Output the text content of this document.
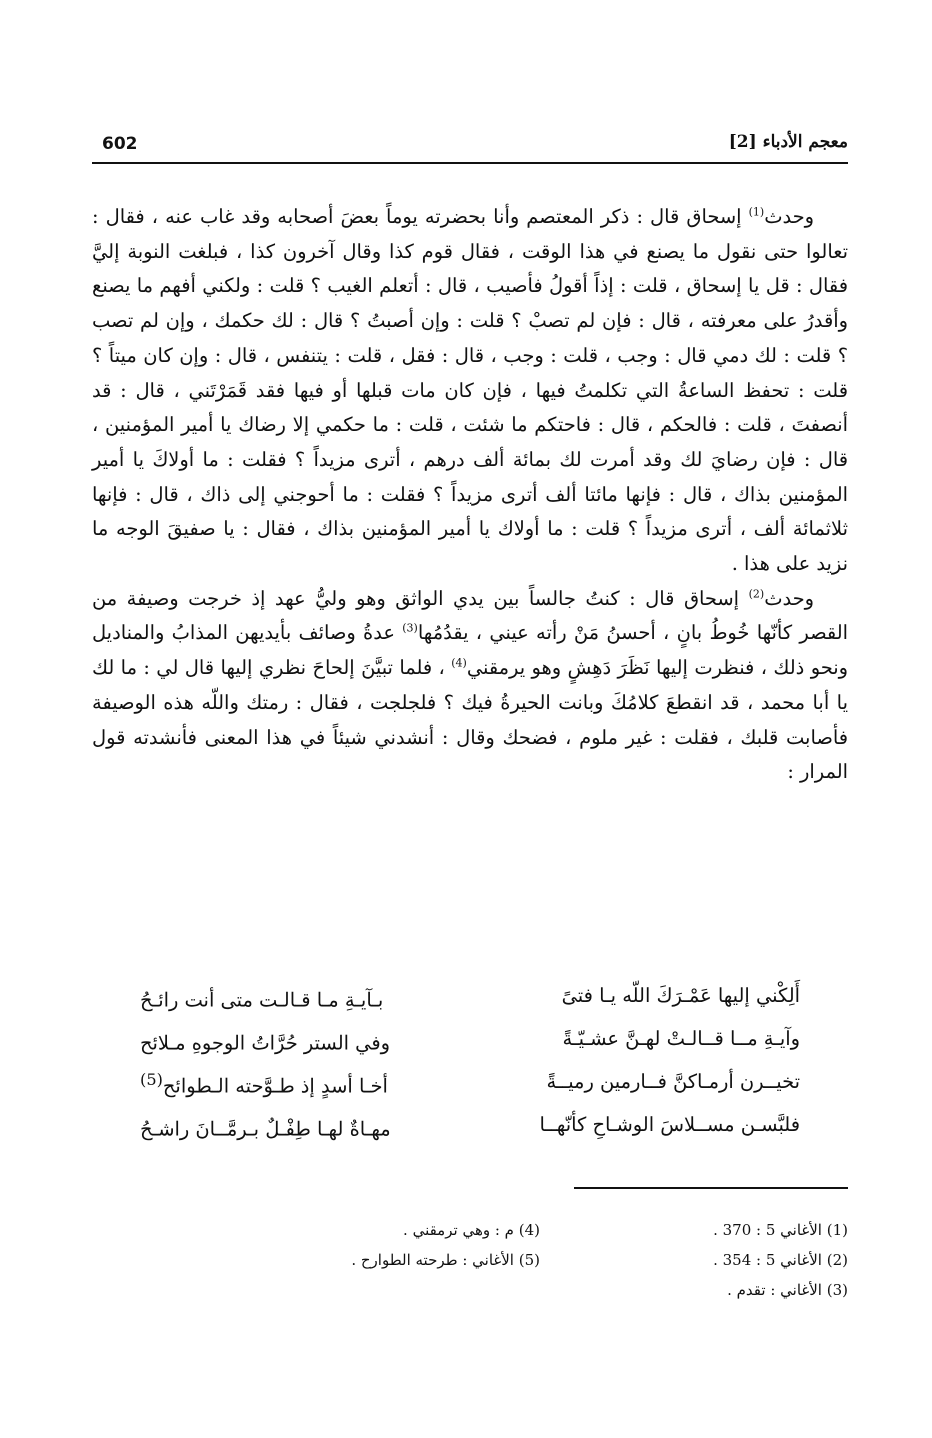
602	معجم الأدباء [2]

وحدث$^{(1)}$ إسحاق قال : ذكر المعتصم وأنا بحضرته يوماً بعضَ أصحابه وقد غاب عنه ، فقال : تعالوا حتى نقول ما يصنع في هذا الوقت ، فقال قوم كذا وقال آخرون كذا ، فبلغت النوبة إليَّ فقال : قل يا إسحاق ، قلت : إذاً أقولُ فأصيب ، قال : أتعلم الغيب ؟ قلت : ولكني أفهم ما يصنع وأقدرُ على معرفته ، قال : فإن لم تصبْ ؟ قلت : وإن أصبتُ ؟ قال : لك حكمك ، وإن لم تصب ؟ قلت : لك دمي قال : وجب ، قلت : وجب ، قال : فقل ، قلت : يتنفس ، قال : وإن كان ميتاً ؟ قلت : تحفظ الساعةُ التي تكلمتُ فيها ، فإن كان مات قبلها أو فيها فقد قَمَرْتَني ، قال : قد أنصفتَ ، قلت : فالحكم ، قال : فاحتكم ما شئت ، قلت : ما حكمي إلا رضاك يا أمير المؤمنين ، قال : فإن رضايَ لك وقد أمرت لك بمائة ألف درهم ، أترى مزيداً ؟ فقلت : ما أولاكَ يا أمير المؤمنين بذاك ، قال : فإنها مائتا ألف أترى مزيداً ؟ فقلت : ما أحوجني إلى ذاك ، قال : فإنها ثلاثمائة ألف ، أترى مزيداً ؟ قلت : ما أولاك يا أمير المؤمنين بذاك ، فقال : يا صفيقَ الوجه ما نزيد على هذا .

وحدث$^{(2)}$ إسحاق قال : كنتُ جالساً بين يدي الواثق وهو وليُّ عهد إذ خرجت وصيفة من القصر كأنّها خُوطُ بانٍ ، أحسنُ مَنْ رأته عيني ، يقدُمُها$^{(3)}$ عدةُ وصائف بأيديهن المذابُ والمناديل ونحو ذلك ، فنظرت إليها نَظَرَ دَهِشٍ وهو يرمقني$^{(4)}$ ، فلما تبيَّنَ إلحاحَ نظري إليها قال لي : ما لك يا أبا محمد ، قد انقطعَ كلامُكَ وبانت الحيرةُ فيك ؟ فلجلجت ، فقال : رمتك واللّه هذه الوصيفة فأصابت قلبك ، فقلت : غير ملوم ، فضحك وقال : أنشدني شيئاً في هذا المعنى فأنشدته قول المرار :

أَلِكْني إليها عَمْـرَكَ اللّه يـا فتىً
بـآيـةِ مـا قـالـت متى أنت رائـحُ
وآيـةِ مــا قــالـتْ لهـنَّ عشـيّـةً
وفي الستر حُرَّاتُ الوجوهِ مـلائح
تخيــرن أرمـاكنَّ فــارمين رميــةً
أخـا أسدٍ إذ طـوَّحته الـطوائح$^{(5)}$
فلبَّسـن مســلاسَ الوشـاحِ كأنّهــا
مهـاةٌ لهـا طِفْـلٌ بـرمَّــانَ راشـحُ
(1) الأغاني 5 : 370 .
(2) الأغاني 5 : 354 .
(3) الأغاني : تقدم .
(4) م : وهي ترمقني .
(5) الأغاني : طرحته الطوارح .
